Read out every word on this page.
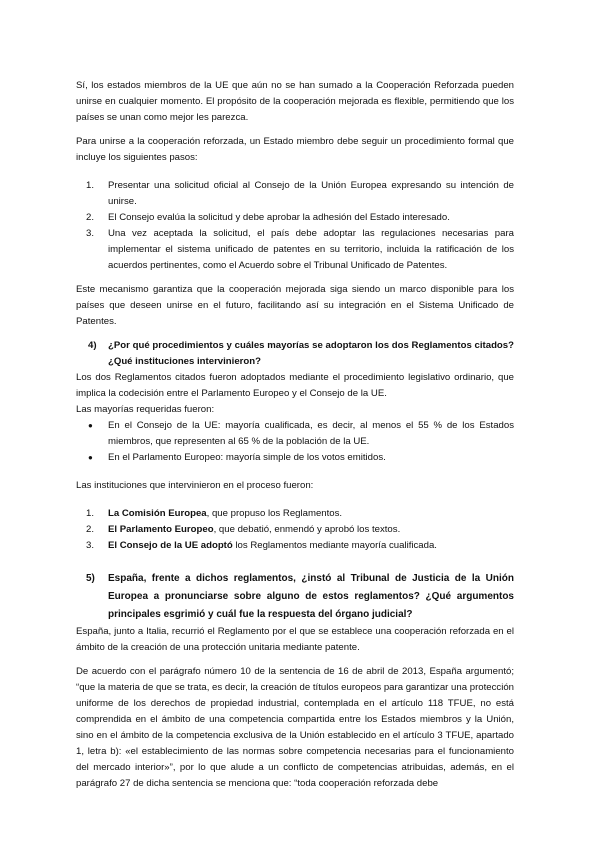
Sí, los estados miembros de la UE que aún no se han sumado a la Cooperación Reforzada pueden unirse en cualquier momento. El propósito de la cooperación mejorada es flexible, permitiendo que los países se unan como mejor les parezca.

Para unirse a la cooperación reforzada, un Estado miembro debe seguir un procedimiento formal que incluye los siguientes pasos:

1. Presentar una solicitud oficial al Consejo de la Unión Europea expresando su intención de unirse.
2. El Consejo evalúa la solicitud y debe aprobar la adhesión del Estado interesado.
3. Una vez aceptada la solicitud, el país debe adoptar las regulaciones necesarias para implementar el sistema unificado de patentes en su territorio, incluida la ratificación de los acuerdos pertinentes, como el Acuerdo sobre el Tribunal Unificado de Patentes.

Este mecanismo garantiza que la cooperación mejorada siga siendo un marco disponible para los países que deseen unirse en el futuro, facilitando así su integración en el Sistema Unificado de Patentes.

4) ¿Por qué procedimientos y cuáles mayorías se adoptaron los dos Reglamentos citados? ¿Qué instituciones intervinieron?

Los dos Reglamentos citados fueron adoptados mediante el procedimiento legislativo ordinario, que implica la codecisión entre el Parlamento Europeo y el Consejo de la UE.

Las mayorías requeridas fueron:

● En el Consejo de la UE: mayoría cualificada, es decir, al menos el 55 % de los Estados miembros, que representen al 65 % de la población de la UE.
● En el Parlamento Europeo: mayoría simple de los votos emitidos.

Las instituciones que intervinieron en el proceso fueron:

1. La Comisión Europea, que propuso los Reglamentos.
2. El Parlamento Europeo, que debatió, enmendó y aprobó los textos.
3. El Consejo de la UE adoptó los Reglamentos mediante mayoría cualificada.
5) España, frente a dichos reglamentos, ¿instó al Tribunal de Justicia de la Unión Europea a pronunciarse sobre alguno de estos reglamentos? ¿Qué argumentos principales esgrimió y cuál fue la respuesta del órgano judicial?

España, junto a Italia, recurrió el Reglamento por el que se establece una cooperación reforzada en el ámbito de la creación de una protección unitaria mediante patente.

De acuerdo con el parágrafo número 10 de la sentencia de 16 de abril de 2013, España argumentó; “que la materia de que se trata, es decir, la creación de títulos europeos para garantizar una protección uniforme de los derechos de propiedad industrial, contemplada en el artículo 118 TFUE, no está comprendida en el ámbito de una competencia compartida entre los Estados miembros y la Unión, sino en el ámbito de la competencia exclusiva de la Unión establecido en el artículo 3 TFUE, apartado 1, letra b): «el establecimiento de las normas sobre competencia necesarias para el funcionamiento del mercado interior»”, por lo que alude a un conflicto de competencias atribuidas, además, en el parágrafo 27 de dicha sentencia se menciona que: “toda cooperación reforzada debe
